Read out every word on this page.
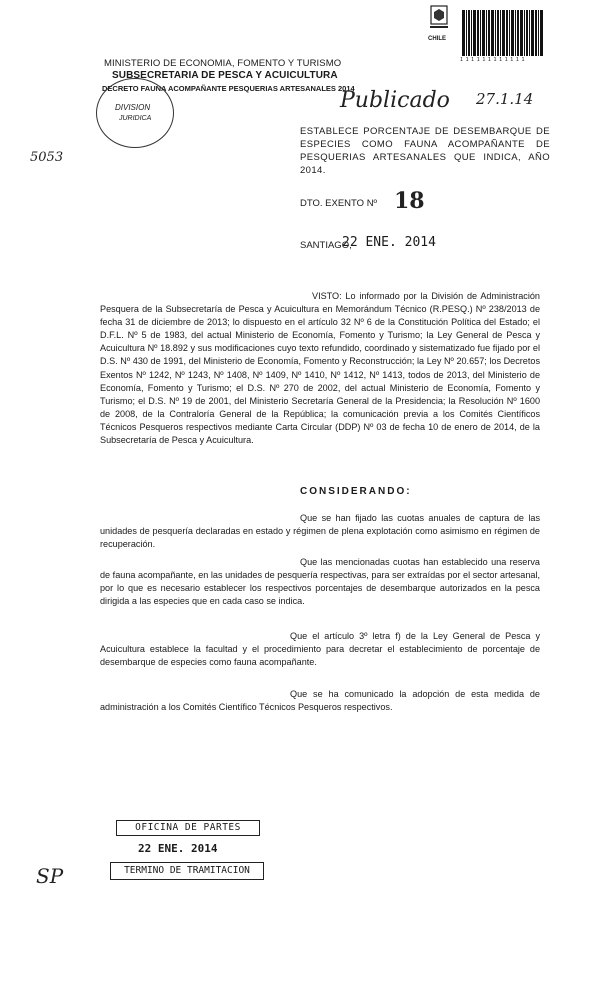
CHILE
1 1 1 1 1 1 1 1 1 1 1 1
MINISTERIO DE ECONOMIA, FOMENTO Y TURISMO
SUBSECRETARIA DE PESCA Y ACUICULTURA
DECRETO FAUNA ACOMPAÑANTE PESQUERIAS ARTESANALES 2014
DIVISION
JURIDICA
Publicado 27.1.14
5053
ESTABLECE PORCENTAJE DE DESEMBARQUE DE ESPECIES COMO FAUNA ACOMPAÑANTE DE PESQUERIAS ARTESANALES QUE INDICA, AÑO 2014.
DTO. EXENTO Nº 18
SANTIAGO,
22 ENE. 2014
VISTO: Lo informado por la División de Administración Pesquera de la Subsecretaría de Pesca y Acuicultura en Memorándum Técnico (R.PESQ.) Nº 238/2013 de fecha 31 de diciembre de 2013; lo dispuesto en el artículo 32 Nº 6 de la Constitución Política del Estado; el D.F.L. Nº 5 de 1983, del actual Ministerio de Economía, Fomento y Turismo; la Ley General de Pesca y Acuicultura Nº 18.892 y sus modificaciones cuyo texto refundido, coordinado y sistematizado fue fijado por el D.S. Nº 430 de 1991, del Ministerio de Economía, Fomento y Reconstrucción; la Ley Nº 20.657; los Decretos Exentos Nº 1242, Nº 1243, Nº 1408, Nº 1409, Nº 1410, Nº 1412, Nº 1413, todos de 2013, del Ministerio de Economía, Fomento y Turismo; el D.S. Nº 270 de 2002, del actual Ministerio de Economía, Fomento y Turismo; el D.S. Nº 19 de 2001, del Ministerio Secretaría General de la Presidencia; la Resolución Nº 1600 de 2008, de la Contraloría General de la República; la comunicación previa a los Comités Científicos Técnicos Pesqueros respectivos mediante Carta Circular (DDP) Nº 03 de fecha 10 de enero de 2014, de la Subsecretaría de Pesca y Acuicultura.
CONSIDERANDO:
Que se han fijado las cuotas anuales de captura de las unidades de pesquería declaradas en estado y régimen de plena explotación como asimismo en régimen de recuperación.
Que las mencionadas cuotas han establecido una reserva de fauna acompañante, en las unidades de pesquería respectivas, para ser extraídas por el sector artesanal, por lo que es necesario establecer los respectivos porcentajes de desembarque autorizados en la pesca dirigida a las especies que en cada caso se indica.
Que el artículo 3º letra f) de la Ley General de Pesca y Acuicultura establece la facultad y el procedimiento para decretar el establecimiento de porcentaje de desembarque de especies como fauna acompañante.
Que se ha comunicado la adopción de esta medida de administración a los Comités Científico Técnicos Pesqueros respectivos.
OFICINA DE PARTES
22 ENE. 2014
TERMINO DE TRAMITACION
SP
